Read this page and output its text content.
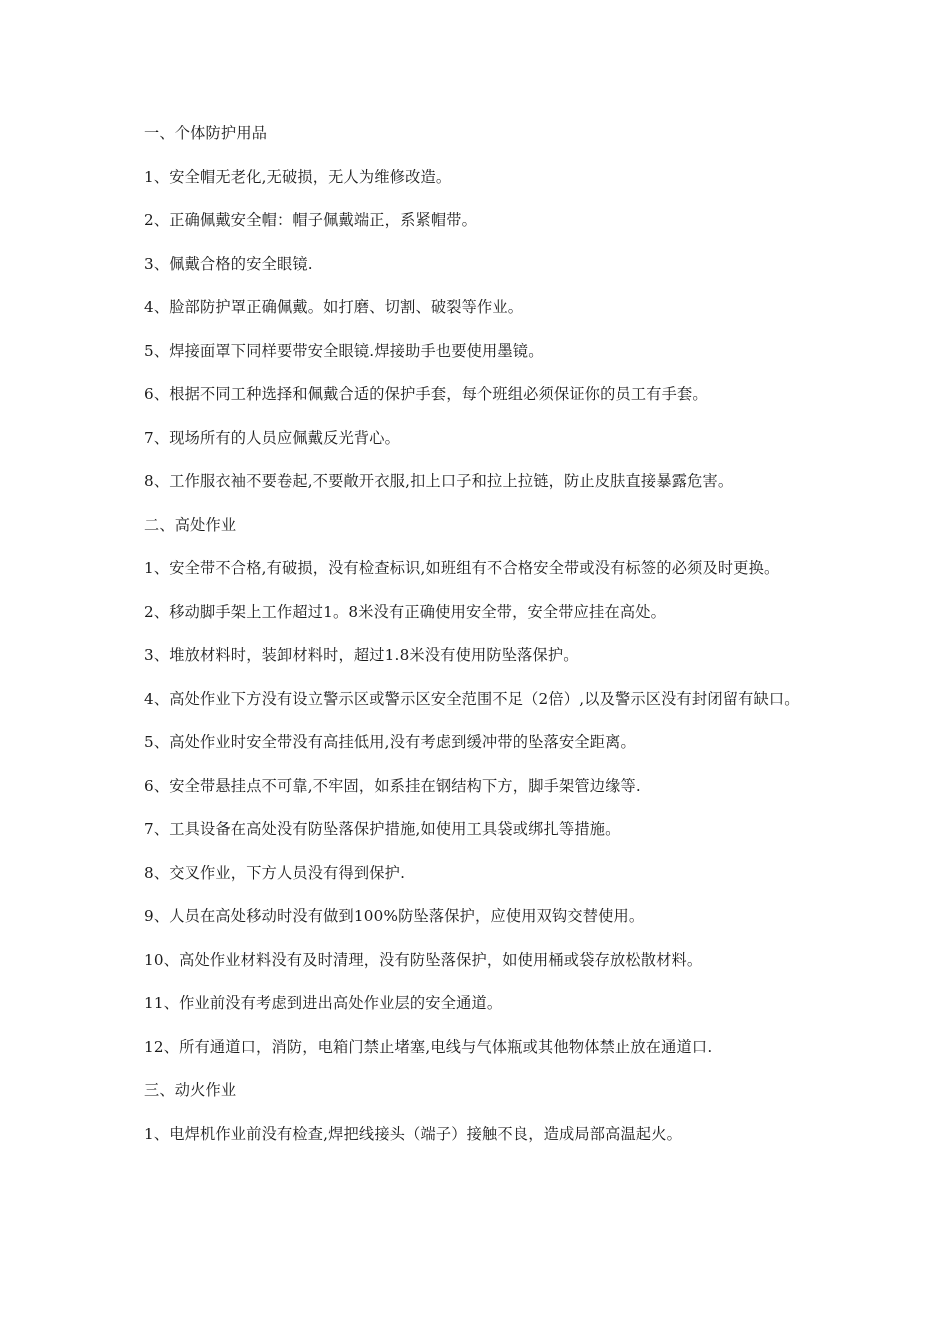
一、个体防护用品

1、安全帽无老化,无破损，无人为维修改造。

2、正确佩戴安全帽：帽子佩戴端正，系紧帽带。

3、佩戴合格的安全眼镜.

4、脸部防护罩正确佩戴。如打磨、切割、破裂等作业。

5、焊接面罩下同样要带安全眼镜.焊接助手也要使用墨镜。

6、根据不同工种选择和佩戴合适的保护手套，每个班组必须保证你的员工有手套。

7、现场所有的人员应佩戴反光背心。

8、工作服衣袖不要卷起,不要敞开衣服,扣上口子和拉上拉链，防止皮肤直接暴露危害。

二、高处作业

1、安全带不合格,有破损，没有检查标识,如班组有不合格安全带或没有标签的必须及时更换。

2、移动脚手架上工作超过1。8米没有正确使用安全带，安全带应挂在高处。

3、堆放材料时，装卸材料时，超过1.8米没有使用防坠落保护。

4、高处作业下方没有设立警示区或警示区安全范围不足（2倍）,以及警示区没有封闭留有缺口。

5、高处作业时安全带没有高挂低用,没有考虑到缓冲带的坠落安全距离。

6、安全带悬挂点不可靠,不牢固，如系挂在钢结构下方，脚手架管边缘等.

7、工具设备在高处没有防坠落保护措施,如使用工具袋或绑扎等措施。

8、交叉作业，下方人员没有得到保护.

9、人员在高处移动时没有做到100%防坠落保护，应使用双钩交替使用。

10、高处作业材料没有及时清理，没有防坠落保护，如使用桶或袋存放松散材料。

11、作业前没有考虑到进出高处作业层的安全通道。

12、所有通道口，消防，电箱门禁止堵塞,电线与气体瓶或其他物体禁止放在通道口.

三、动火作业

1、电焊机作业前没有检查,焊把线接头（端子）接触不良，造成局部高温起火。
